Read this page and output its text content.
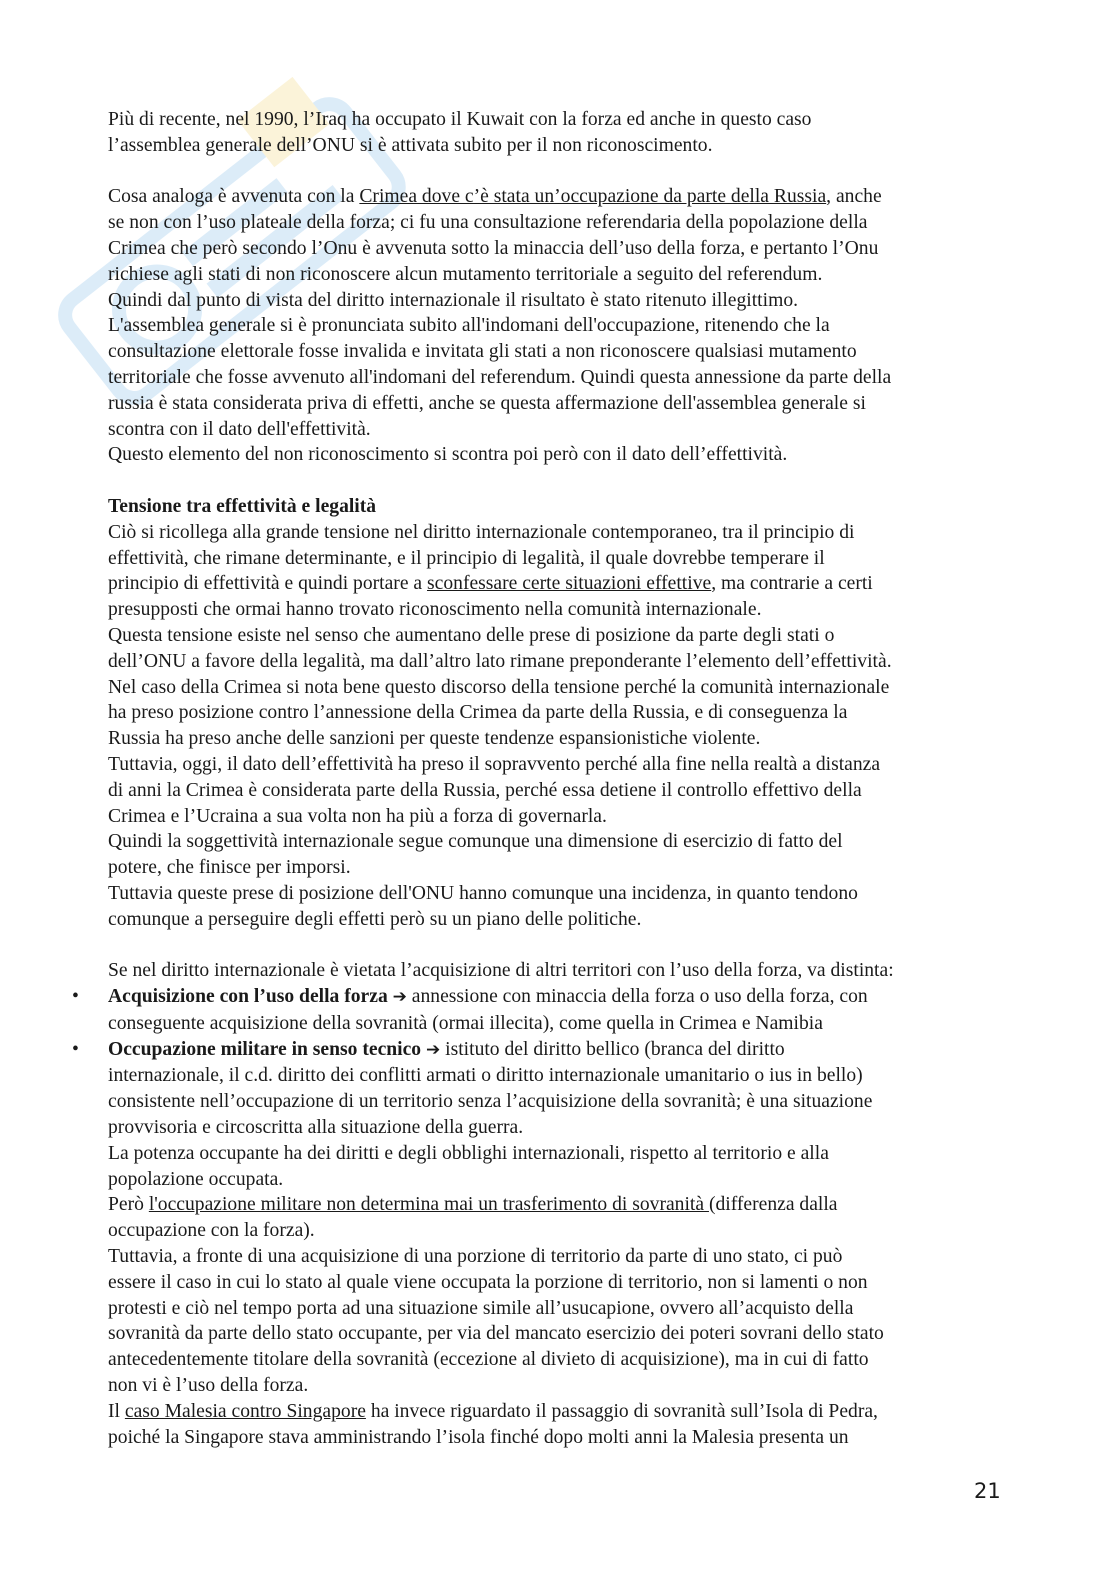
Più di recente, nel 1990, l’Iraq ha occupato il Kuwait con la forza ed anche in questo caso

l’assemblea generale dell’ONU si è attivata subito per il non riconoscimento.

Cosa analoga è avvenuta con la Crimea dove c’è stata un’occupazione da parte della Russia, anche

se non con l’uso plateale della forza; ci fu una consultazione referendaria della popolazione della

Crimea che però secondo l’Onu è avvenuta sotto la minaccia dell’uso della forza, e pertanto l’Onu

richiese agli stati di non riconoscere alcun mutamento territoriale a seguito del referendum.

Quindi dal punto di vista del diritto internazionale il risultato è stato ritenuto illegittimo.

L'assemblea generale si è pronunciata subito all'indomani dell'occupazione, ritenendo che la

consultazione elettorale fosse invalida e invitata gli stati a non riconoscere qualsiasi mutamento

territoriale che fosse avvenuto all'indomani del referendum. Quindi questa annessione da parte della

russia è stata considerata priva di effetti, anche se questa affermazione dell'assemblea generale si

scontra con il dato dell'effettività.

Questo elemento del non riconoscimento si scontra poi però con il dato dell’effettività.

Tensione tra effettività e legalità

Ciò si ricollega alla grande tensione nel diritto internazionale contemporaneo, tra il principio di

effettività, che rimane determinante, e il principio di legalità, il quale dovrebbe temperare il

principio di effettività e quindi portare a sconfessare certe situazioni effettive, ma contrarie a certi

presupposti che ormai hanno trovato riconoscimento nella comunità internazionale.

Questa tensione esiste nel senso che aumentano delle prese di posizione da parte degli stati o

dell’ONU a favore della legalità, ma dall’altro lato rimane preponderante l’elemento dell’effettività.

Nel caso della Crimea si nota bene questo discorso della tensione perché la comunità internazionale

ha preso posizione contro l’annessione della Crimea da parte della Russia, e di conseguenza la

Russia ha preso anche delle sanzioni per queste tendenze espansionistiche violente.

Tuttavia, oggi, il dato dell’effettività ha preso il sopravvento perché alla fine nella realtà a distanza

di anni la Crimea è considerata parte della Russia, perché essa detiene il controllo effettivo della

Crimea e l’Ucraina a sua volta non ha più a forza di governarla.

Quindi la soggettività internazionale segue comunque una dimensione di esercizio di fatto del

potere, che finisce per imporsi.

Tuttavia queste prese di posizione dell'ONU hanno comunque una incidenza, in quanto tendono

comunque a perseguire degli effetti però su un piano delle politiche.

Se nel diritto internazionale è vietata l’acquisizione di altri territori con l’uso della forza, va distinta:

• Acquisizione con l’uso della forza ➔ annessione con minaccia della forza o uso della forza, con

conseguente acquisizione della sovranità (ormai illecita), come quella in Crimea e Namibia

• Occupazione militare in senso tecnico ➔ istituto del diritto bellico (branca del diritto

internazionale, il c.d. diritto dei conflitti armati o diritto internazionale umanitario o ius in bello)

consistente nell’occupazione di un territorio senza l’acquisizione della sovranità; è una situazione

provvisoria e circoscritta alla situazione della guerra.

La potenza occupante ha dei diritti e degli obblighi internazionali, rispetto al territorio e alla

popolazione occupata.

Però l'occupazione militare non determina mai un trasferimento di sovranità (differenza dalla

occupazione con la forza).

Tuttavia, a fronte di una acquisizione di una porzione di territorio da parte di uno stato, ci può

essere il caso in cui lo stato al quale viene occupata la porzione di territorio, non si lamenti o non

protesti e ciò nel tempo porta ad una situazione simile all’usucapione, ovvero all’acquisto della

sovranità da parte dello stato occupante, per via del mancato esercizio dei poteri sovrani dello stato

antecedentemente titolare della sovranità (eccezione al divieto di acquisizione), ma in cui di fatto

non vi è l’uso della forza.

Il caso Malesia contro Singapore ha invece riguardato il passaggio di sovranità sull’Isola di Pedra,

poiché la Singapore stava amministrando l’isola finché dopo molti anni la Malesia presenta un

21
